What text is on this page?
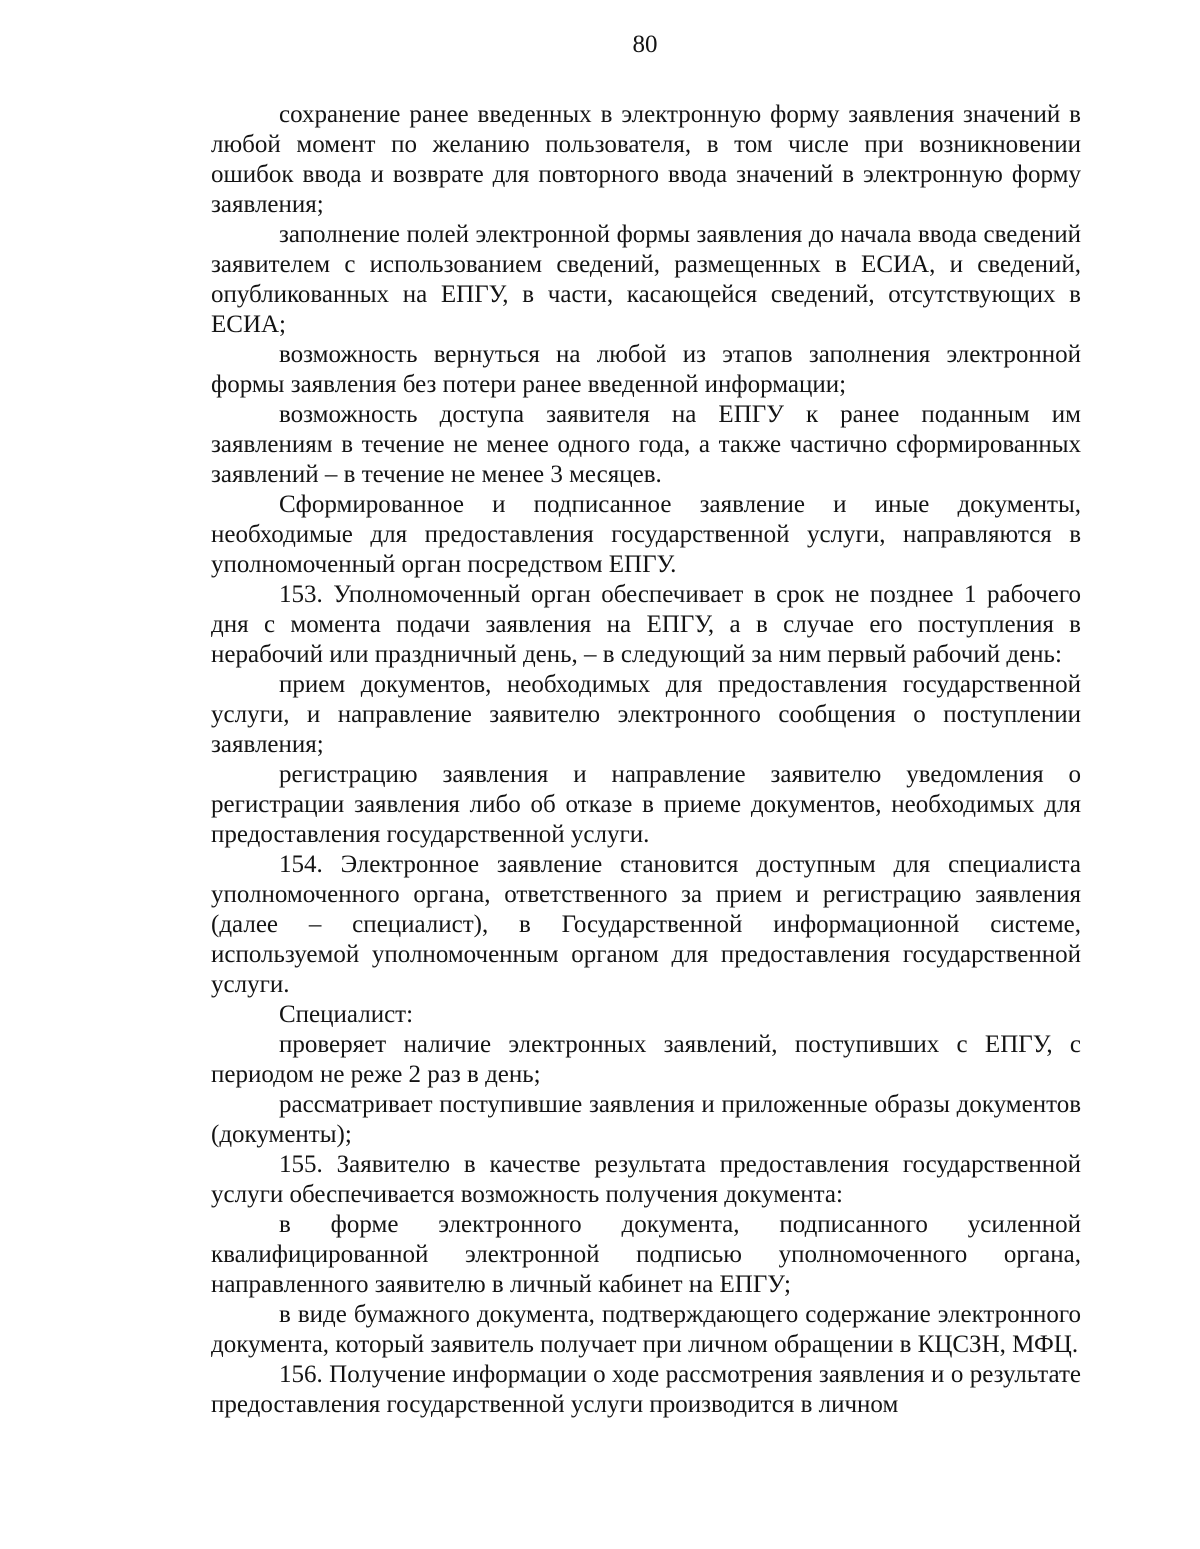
80

сохранение ранее введенных в электронную форму заявления значений в любой момент по желанию пользователя, в том числе при возникновении ошибок ввода и возврате для повторного ввода значений в электронную форму заявления;

заполнение полей электронной формы заявления до начала ввода сведений заявителем с использованием сведений, размещенных в ЕСИА, и сведений, опубликованных на ЕПГУ, в части, касающейся сведений, отсутствующих в ЕСИА;

возможность вернуться на любой из этапов заполнения электронной формы заявления без потери ранее введенной информации;

возможность доступа заявителя на ЕПГУ к ранее поданным им заявлениям в течение не менее одного года, а также частично сформированных заявлений – в течение не менее 3 месяцев.

Сформированное и подписанное заявление и иные документы, необходимые для предоставления государственной услуги, направляются в уполномоченный орган посредством ЕПГУ.

153. Уполномоченный орган обеспечивает в срок не позднее 1 рабочего дня с момента подачи заявления на ЕПГУ, а в случае его поступления в нерабочий или праздничный день, – в следующий за ним первый рабочий день:

прием документов, необходимых для предоставления государственной услуги, и направление заявителю электронного сообщения о поступлении заявления;

регистрацию заявления и направление заявителю уведомления о регистрации заявления либо об отказе в приеме документов, необходимых для предоставления государственной услуги.

154. Электронное заявление становится доступным для специалиста уполномоченного органа, ответственного за прием и регистрацию заявления (далее – специалист), в Государственной информационной системе, используемой уполномоченным органом для предоставления государственной услуги.

Специалист:

проверяет наличие электронных заявлений, поступивших с ЕПГУ, с периодом не реже 2 раз в день;

рассматривает поступившие заявления и приложенные образы документов (документы);

155. Заявителю в качестве результата предоставления государственной услуги обеспечивается возможность получения документа:

в форме электронного документа, подписанного усиленной квалифицированной электронной подписью уполномоченного органа, направленного заявителю в личный кабинет на ЕПГУ;

в виде бумажного документа, подтверждающего содержание электронного документа, который заявитель получает при личном обращении в КЦСЗН, МФЦ.

156. Получение информации о ходе рассмотрения заявления и о результате предоставления государственной услуги производится в личном
